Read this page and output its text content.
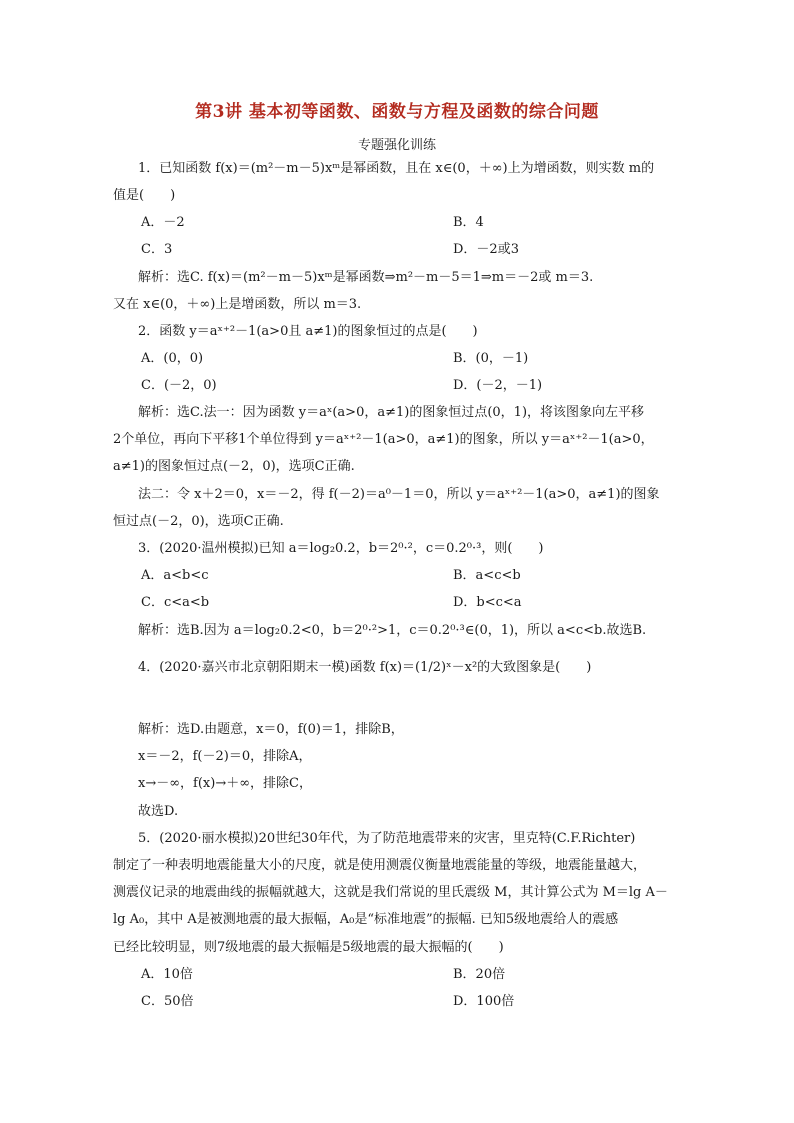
第3讲 基本初等函数、函数与方程及函数的综合问题
专题强化训练
1．已知函数 f(x)＝(m²－m－5)xᵐ是幂函数，且在 x∈(0，＋∞)上为增函数，则实数 m的
值是(　　)
A．－2	B．4
C．3	D．－2或3
解析：选C. f(x)＝(m²－m－5)xᵐ是幂函数⇒m²－m－5＝1⇒m＝－2或 m＝3.
又在 x∈(0，＋∞)上是增函数，所以 m＝3.
2．函数 y＝aˣ⁺²－1(a>0且 a≠1)的图象恒过的点是(　　)
A．(0，0)	B．(0，－1)
C．(－2，0)	D．(－2，－1)
解析：选C.法一：因为函数 y＝aˣ(a>0，a≠1)的图象恒过点(0，1)，将该图象向左平移
2个单位，再向下平移1个单位得到 y＝aˣ⁺²－1(a>0，a≠1)的图象，所以 y＝aˣ⁺²－1(a>0，
a≠1)的图象恒过点(－2，0)，选项C正确.
法二：令 x＋2＝0，x＝－2，得 f(－2)＝a⁰－1＝0，所以 y＝aˣ⁺²－1(a>0，a≠1)的图象
恒过点(－2，0)，选项C正确.
3．(2020·温州模拟)已知 a＝log₂0.2，b＝2⁰·²，c＝0.2⁰·³，则(　　)
A．a<b<c	B．a<c<b
C．c<a<b	D．b<c<a
解析：选B.因为 a＝log₂0.2<0，b＝2⁰·²>1，c＝0.2⁰·³∈(0，1)，所以 a<c<b.故选B.
4．(2020·嘉兴市北京朝阳期末一模)函数 f(x)＝(1/2)ˣ－x²的大致图象是(　　)
解析：选D.由题意，x＝0，f(0)＝1，排除B，
x＝－2，f(－2)＝0，排除A，
x→－∞，f(x)→＋∞，排除C，
故选D.
5．(2020·丽水模拟)20世纪30年代，为了防范地震带来的灾害，里克特(C.F.Richter)
制定了一种表明地震能量大小的尺度，就是使用测震仪衡量地震能量的等级，地震能量越大，
测震仪记录的地震曲线的振幅就越大，这就是我们常说的里氏震级 M，其计算公式为 M＝lg A－
lg A₀，其中 A是被测地震的最大振幅，A₀是“标准地震”的振幅. 已知5级地震给人的震感
已经比较明显，则7级地震的最大振幅是5级地震的最大振幅的(　　)
A．10倍	B．20倍
C．50倍	D．100倍
